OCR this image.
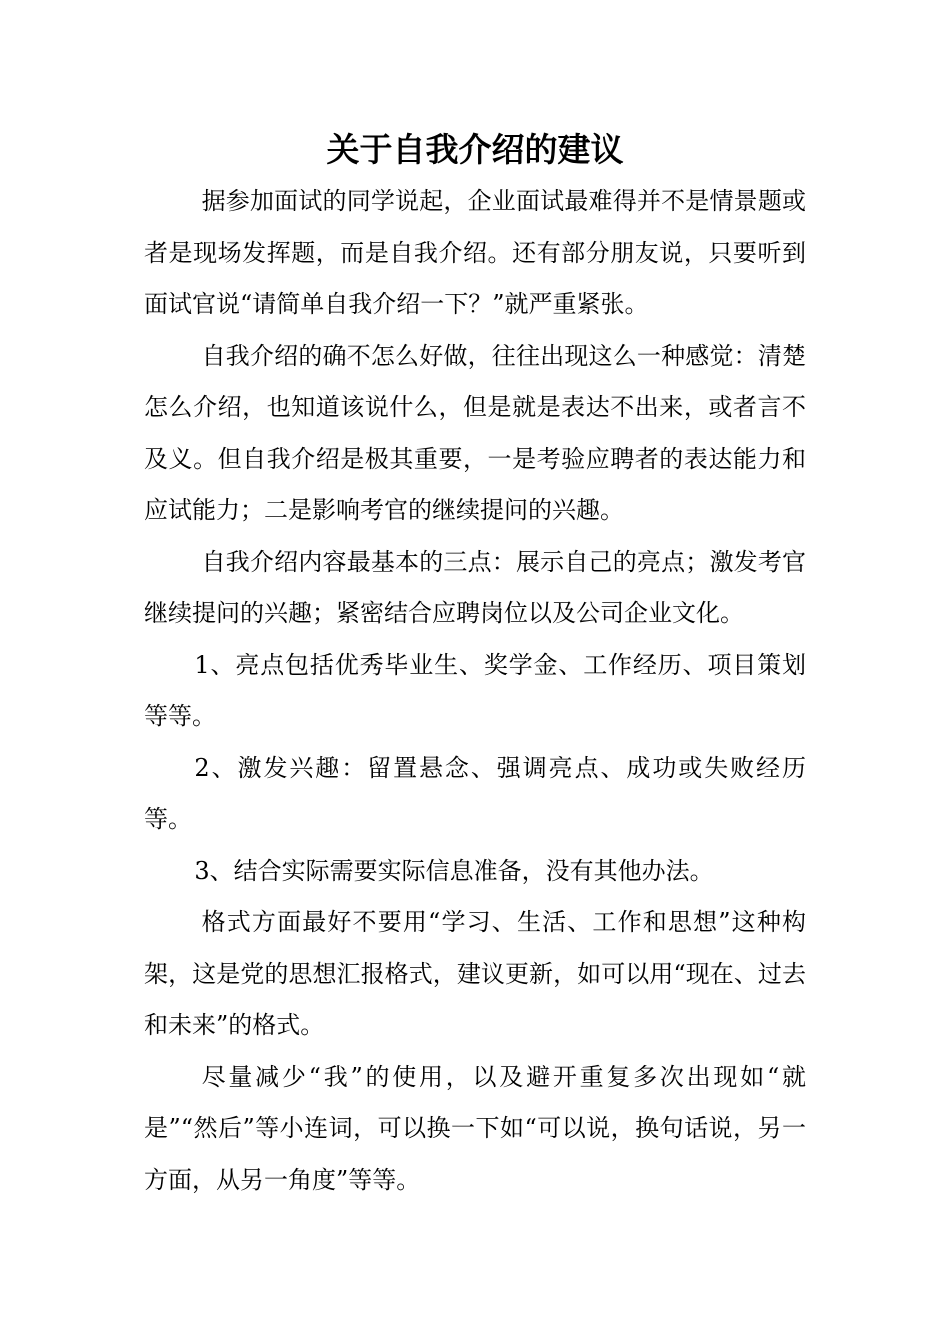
关于自我介绍的建议

据参加面试的同学说起，企业面试最难得并不是情景题或者是现场发挥题，而是自我介绍。还有部分朋友说，只要听到面试官说“请简单自我介绍一下？”就严重紧张。

自我介绍的确不怎么好做，往往出现这么一种感觉：清楚怎么介绍，也知道该说什么，但是就是表达不出来，或者言不及义。但自我介绍是极其重要，一是考验应聘者的表达能力和应试能力；二是影响考官的继续提问的兴趣。

自我介绍内容最基本的三点：展示自己的亮点；激发考官继续提问的兴趣；紧密结合应聘岗位以及公司企业文化。

1、亮点包括优秀毕业生、奖学金、工作经历、项目策划等等。

2、激发兴趣：留置悬念、强调亮点、成功或失败经历等。

3、结合实际需要实际信息准备，没有其他办法。

格式方面最好不要用“学习、生活、工作和思想”这种构架，这是党的思想汇报格式，建议更新，如可以用“现在、过去和未来”的格式。

尽量减少“我”的使用，以及避开重复多次出现如“就是”“然后”等小连词，可以换一下如“可以说，换句话说，另一方面，从另一角度”等等。
